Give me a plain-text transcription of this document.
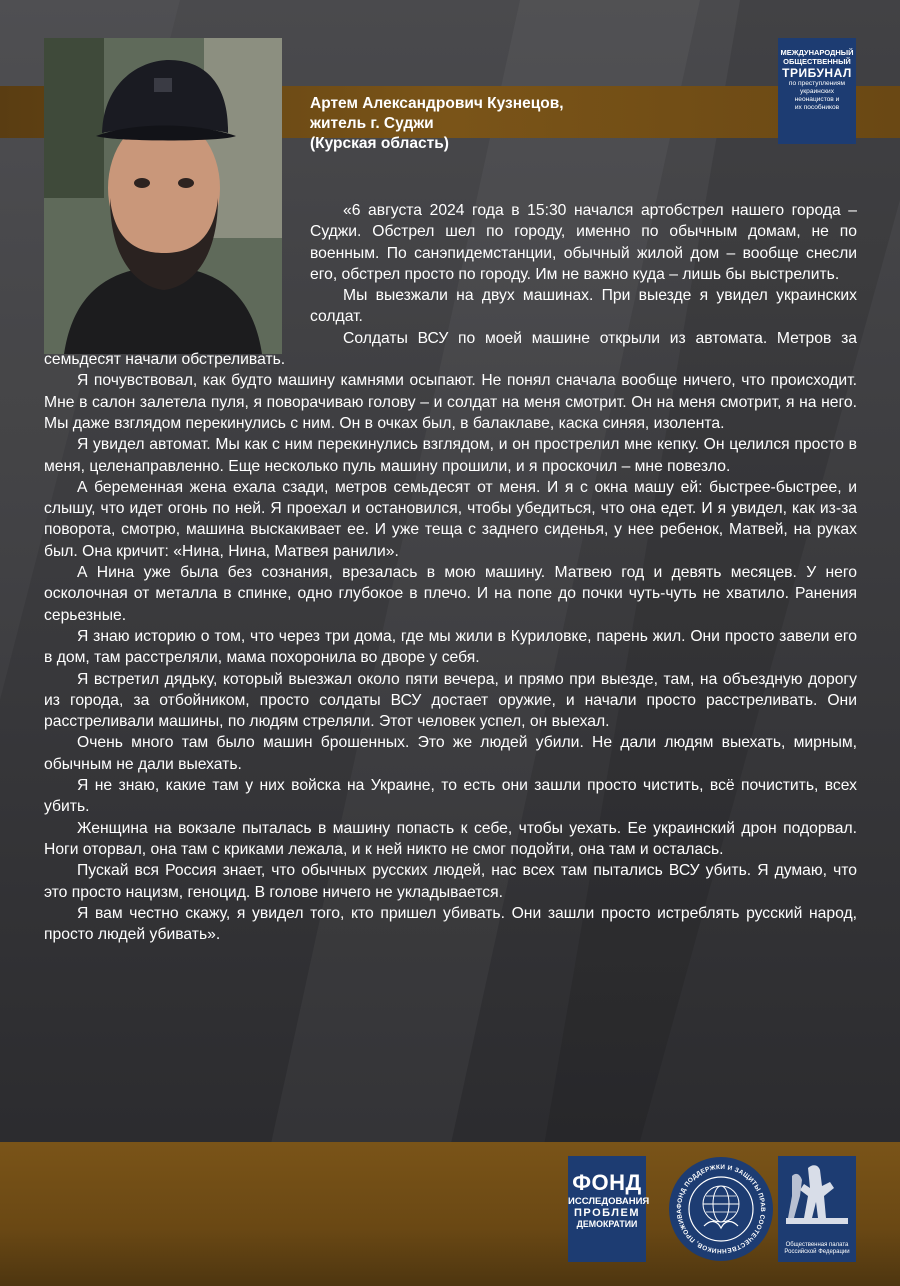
Артем Александрович Кузнецов,
житель г. Суджи
(Курская область)
МЕЖДУНАРОДНЫЙ
ОБЩЕСТВЕННЫЙ
ТРИБУНАЛ
по преступлениям
украинских
неонацистов и
их пособников

«6 августа 2024 года в 15:30 начался артобстрел нашего города – Суджи. Обстрел шел по городу, именно по обычным домам, не по военным. По санэпидемстанции, обычный жилой дом – вообще снесли его, обстрел просто по городу. Им не важно куда – лишь бы выстрелить.

Мы выезжали на двух машинах. При выезде я увидел украинских солдат.

Солдаты ВСУ по моей машине открыли из автомата. Метров за семьдесят начали обстреливать.

Я почувствовал, как будто машину камнями осыпают. Не понял сначала вообще ничего, что происходит. Мне в салон залетела пуля, я поворачиваю голову – и солдат на меня смотрит. Он на меня смотрит, я на него. Мы даже взглядом перекинулись с ним. Он в очках был, в балаклаве, каска синяя, изолента.

Я увидел автомат. Мы как с ним перекинулись взглядом, и он прострелил мне кепку. Он целился просто в меня, целенаправленно. Еще несколько пуль машину прошили, и я проскочил – мне повезло.

А беременная жена ехала сзади, метров семьдесят от меня. И я с окна машу ей: быстрее-быстрее, и слышу, что идет огонь по ней. Я проехал и остановился, чтобы убедиться, что она едет. И я увидел, как из-за поворота, смотрю, машина выскакивает ее. И уже теща с заднего сиденья, у нее ребенок, Матвей, на руках был. Она кричит: «Нина, Нина, Матвея ранили».

А Нина уже была без сознания, врезалась в мою машину. Матвею год и девять месяцев. У него осколочная от металла в спинке, одно глубокое в плечо. И на попе до почки чуть-чуть не хватило. Ранения серьезные.

Я знаю историю о том, что через три дома, где мы жили в Куриловке, парень жил. Они просто завели его в дом, там расстреляли, мама похоронила во дворе у себя.

Я встретил дядьку, который выезжал около пяти вечера, и прямо при выезде, там, на объездную дорогу из города, за отбойником, просто солдаты ВСУ достает оружие, и начали просто расстреливать. Они расстреливали машины, по людям стреляли. Этот человек успел, он выехал.

Очень много там было машин брошенных. Это же людей убили. Не дали людям выехать, мирным, обычным не дали выехать.

Я не знаю, какие там у них войска на Украине, то есть они зашли просто чистить, всё почистить, всех убить.

Женщина на вокзале пыталась в машину попасть к себе, чтобы уехать. Ее украинский дрон подорвал. Ноги оторвал, она там с криками лежала, и к ней никто не смог подойти, она там и осталась.

Пускай вся Россия знает, что обычных русских людей, нас всех там пытались ВСУ убить. Я думаю, что это просто нацизм, геноцид. В голове ничего не укладывается.

Я вам честно скажу, я увидел того, кто пришел убивать. Они зашли просто истреблять русский народ, просто людей убивать».

ФОНД
ИССЛЕДОВАНИЯ
ПРОБЛЕМ
ДЕМОКРАТИИ
ФОНД ПОДДЕРЖКИ И ЗАЩИТЫ ПРАВ СООТЕЧЕСТВЕННИКОВ, ПРОЖИВА
Общественная палата
Российской Федерации
